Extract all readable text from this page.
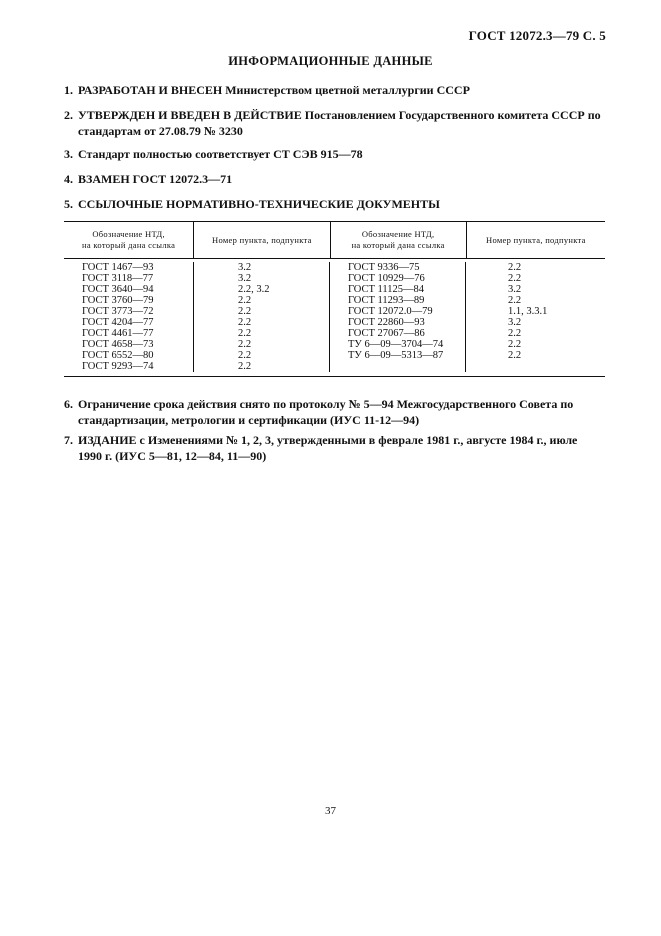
ГОСТ 12072.3—79 С. 5
ИНФОРМАЦИОННЫЕ ДАННЫЕ
1. РАЗРАБОТАН И ВНЕСЕН Министерством цветной металлургии СССР
2. УТВЕРЖДЕН И ВВЕДЕН В ДЕЙСТВИЕ Постановлением Государственного комитета СССР по
стандартам от 27.08.79 № 3230
3. Стандарт полностью соответствует СТ СЭВ 915—78
4. ВЗАМЕН ГОСТ 12072.3—71
5. ССЫЛОЧНЫЕ НОРМАТИВНО-ТЕХНИЧЕСКИЕ ДОКУМЕНТЫ
Обозначение НТД,
на который дана ссылка
Номер пункта, подпункта
Обозначение НТД,
на который дана ссылка
Номер пункта, подпункта
ГОСТ 1467—93
ГОСТ 3118—77
ГОСТ 3640—94
ГОСТ 3760—79
ГОСТ 3773—72
ГОСТ 4204—77
ГОСТ 4461—77
ГОСТ 4658—73
ГОСТ 6552—80
ГОСТ 9293—74
3.2
3.2
2.2, 3.2
2.2
2.2
2.2
2.2
2.2
2.2
2.2
ГОСТ 9336—75
ГОСТ 10929—76
ГОСТ 11125—84
ГОСТ 11293—89
ГОСТ 12072.0—79
ГОСТ 22860—93
ГОСТ 27067—86
ТУ 6—09—3704—74
ТУ 6—09—5313—87
2.2
2.2
3.2
2.2
1.1, 3.3.1
3.2
2.2
2.2
2.2
6. Ограничение срока действия снято по протоколу № 5—94 Межгосударственного Совета по
стандартизации, метрологии и сертификации (ИУС 11-12—94)
7. ИЗДАНИЕ с Изменениями № 1, 2, 3, утвержденными в феврале 1981 г., августе 1984 г., июле
1990 г. (ИУС 5—81, 12—84, 11—90)
37
